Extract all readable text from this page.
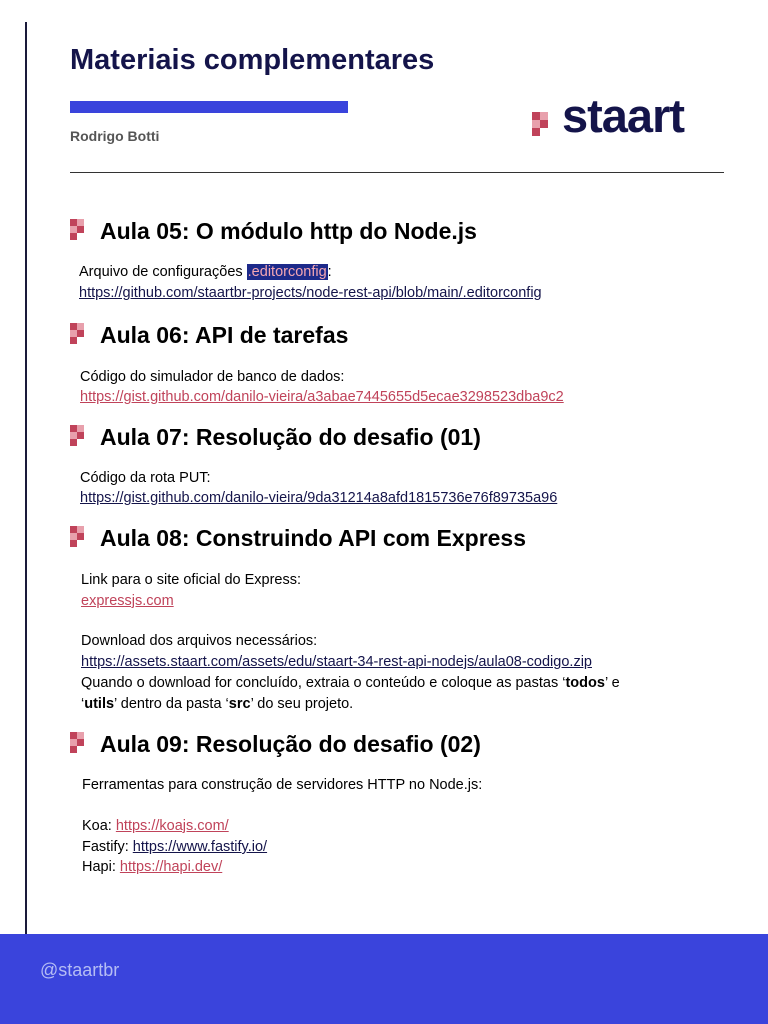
Materiais complementares
Rodrigo Botti	staart
Aula 05: O módulo http do Node.js
Arquivo de configurações .editorconfig:
https://github.com/staartbr-projects/node-rest-api/blob/main/.editorconfig
Aula 06: API de tarefas
Código do simulador de banco de dados:
https://gist.github.com/danilo-vieira/a3abae7445655d5ecae3298523dba9c2
Aula 07: Resolução do desafio (01)
Código da rota PUT:
https://gist.github.com/danilo-vieira/9da31214a8afd1815736e76f89735a96
Aula 08: Construindo API com Express
Link para o site oficial do Express:
expressjs.com
Download dos arquivos necessários:
https://assets.staart.com/assets/edu/staart-34-rest-api-nodejs/aula08-codigo.zip
Quando o download for concluído, extraia o conteúdo e coloque as pastas ‘todos’ e
‘utils’ dentro da pasta ‘src’ do seu projeto.
Aula 09: Resolução do desafio (02)
Ferramentas para construção de servidores HTTP no Node.js:
Koa: https://koajs.com/
Fastify: https://www.fastify.io/
Hapi: https://hapi.dev/
@staartbr
